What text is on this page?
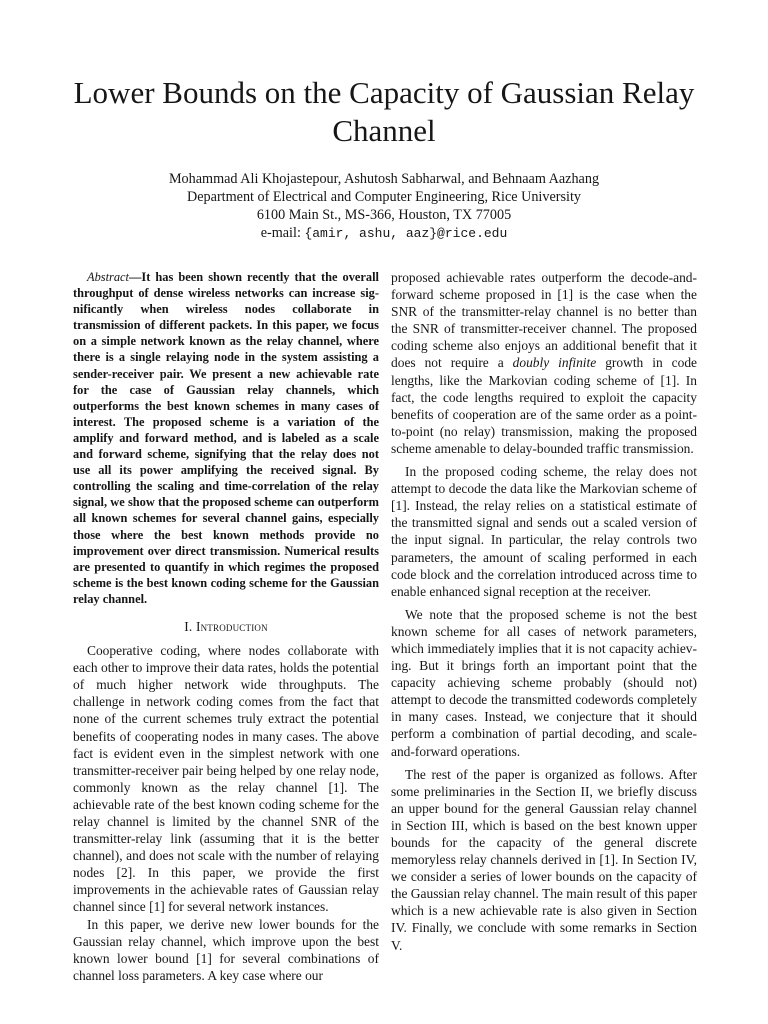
Lower Bounds on the Capacity of Gaussian Relay Channel
Mohammad Ali Khojastepour, Ashutosh Sabharwal, and Behnaam Aazhang
Department of Electrical and Computer Engineering, Rice University
6100 Main St., MS-366, Houston, TX 77005
e-mail: {amir, ashu, aaz}@rice.edu

Abstract—It has been shown recently that the overall throughput of dense wireless networks can increase significantly when wireless nodes collaborate in transmission of different packets. In this paper, we focus on a simple network known as the relay channel, where there is a single relaying node in the system assisting a sender-receiver pair. We present a new achievable rate for the case of Gaussian relay channels, which outperforms the best known schemes in many cases of interest. The proposed scheme is a variation of the amplify and forward method, and is labeled as a scale and forward scheme, signifying that the relay does not use all its power amplifying the received signal. By controlling the scaling and time-correlation of the relay signal, we show that the proposed scheme can outperform all known schemes for several channel gains, especially those where the best known methods provide no improvement over direct transmission. Numerical results are presented to quantify in which regimes the proposed scheme is the best known coding scheme for the Gaussian relay channel.

I. Introduction

Cooperative coding, where nodes collaborate with each other to improve their data rates, holds the potential of much higher network wide throughputs. The challenge in network coding comes from the fact that none of the current schemes truly extract the potential benefits of cooperating nodes in many cases. The above fact is evident even in the simplest network with one transmitter-receiver pair being helped by one relay node, commonly known as the relay channel [1]. The achievable rate of the best known coding scheme for the relay channel is limited by the channel SNR of the transmitter-relay link (assuming that it is the better channel), and does not scale with the number of relaying nodes [2]. In this paper, we provide the first improvements in the achievable rates of Gaussian relay channel since [1] for several network instances.

In this paper, we derive new lower bounds for the Gaussian relay channel, which improve upon the best known lower bound [1] for several combinations of channel loss parameters. A key case where our

proposed achievable rates outperform the decode-and-forward scheme proposed in [1] is the case when the SNR of the transmitter-relay channel is no better than the SNR of transmitter-receiver channel. The proposed coding scheme also enjoys an additional benefit that it does not require a doubly infinite growth in code lengths, like the Markovian coding scheme of [1]. In fact, the code lengths required to exploit the capacity benefits of cooperation are of the same order as a point-to-point (no relay) transmission, making the proposed scheme amenable to delay-bounded traffic transmission.

In the proposed coding scheme, the relay does not attempt to decode the data like the Markovian scheme of [1]. Instead, the relay relies on a statistical estimate of the transmitted signal and sends out a scaled version of the input signal. In particular, the relay controls two parameters, the amount of scaling performed in each code block and the correlation introduced across time to enable enhanced signal reception at the receiver.

We note that the proposed scheme is not the best known scheme for all cases of network parameters, which immediately implies that it is not capacity achieving. But it brings forth an important point that the capacity achieving scheme probably (should not) attempt to decode the transmitted codewords completely in many cases. Instead, we conjecture that it should perform a combination of partial decoding, and scale-and-forward operations.

The rest of the paper is organized as follows. After some preliminaries in the Section II, we briefly discuss an upper bound for the general Gaussian relay channel in Section III, which is based on the best known upper bounds for the capacity of the general discrete memoryless relay channels derived in [1]. In Section IV, we consider a series of lower bounds on the capacity of the Gaussian relay channel. The main result of this paper which is a new achievable rate is also given in Section IV. Finally, we conclude with some remarks in Section V.
